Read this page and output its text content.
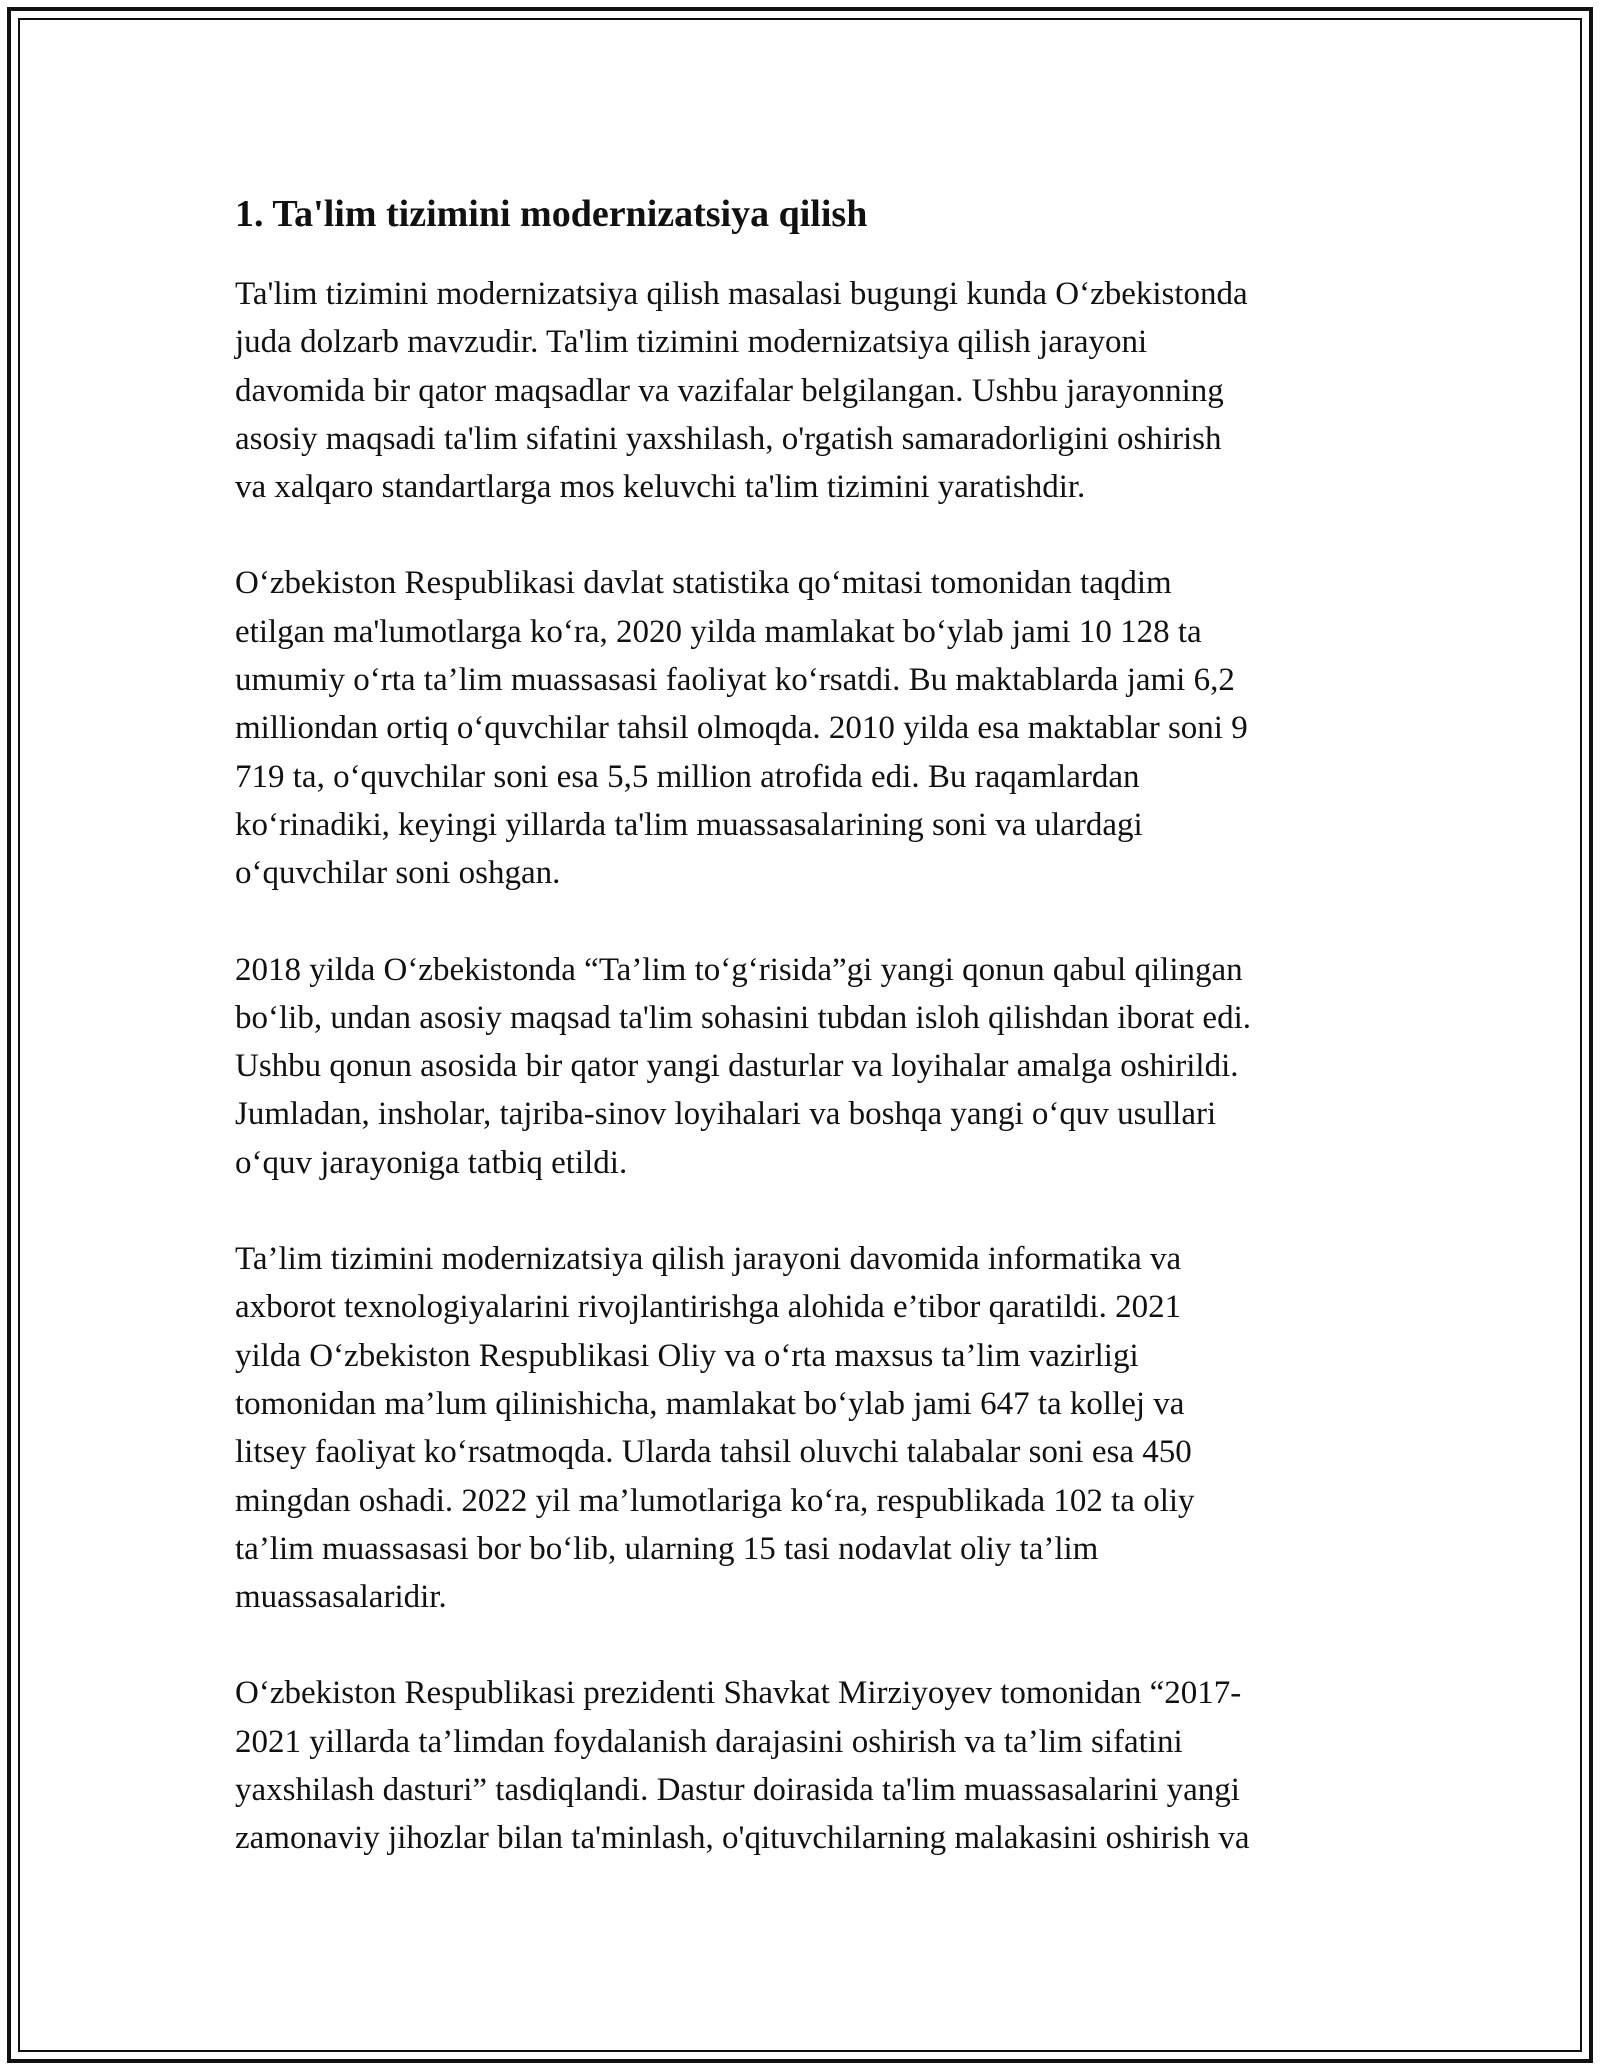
1. Ta'lim tizimini modernizatsiya qilish

Ta'lim tizimini modernizatsiya qilish masalasi bugungi kunda O‘zbekistonda
juda dolzarb mavzudir. Ta'lim tizimini modernizatsiya qilish jarayoni
davomida bir qator maqsadlar va vazifalar belgilangan. Ushbu jarayonning
asosiy maqsadi ta'lim sifatini yaxshilash, o'rgatish samaradorligini oshirish
va xalqaro standartlarga mos keluvchi ta'lim tizimini yaratishdir.

O‘zbekiston Respublikasi davlat statistika qo‘mitasi tomonidan taqdim
etilgan ma'lumotlarga ko‘ra, 2020 yilda mamlakat bo‘ylab jami 10 128 ta
umumiy o‘rta ta’lim muassasasi faoliyat ko‘rsatdi. Bu maktablarda jami 6,2
milliondan ortiq o‘quvchilar tahsil olmoqda. 2010 yilda esa maktablar soni 9
719 ta, o‘quvchilar soni esa 5,5 million atrofida edi. Bu raqamlardan
ko‘rinadiki, keyingi yillarda ta'lim muassasalarining soni va ulardagi
o‘quvchilar soni oshgan.

2018 yilda O‘zbekistonda “Ta’lim to‘g‘risida”gi yangi qonun qabul qilingan
bo‘lib, undan asosiy maqsad ta'lim sohasini tubdan isloh qilishdan iborat edi.
Ushbu qonun asosida bir qator yangi dasturlar va loyihalar amalga oshirildi.
Jumladan, insholar, tajriba-sinov loyihalari va boshqa yangi o‘quv usullari
o‘quv jarayoniga tatbiq etildi.

Ta’lim tizimini modernizatsiya qilish jarayoni davomida informatika va
axborot texnologiyalarini rivojlantirishga alohida e’tibor qaratildi. 2021
yilda O‘zbekiston Respublikasi Oliy va o‘rta maxsus ta’lim vazirligi
tomonidan ma’lum qilinishicha, mamlakat bo‘ylab jami 647 ta kollej va
litsey faoliyat ko‘rsatmoqda. Ularda tahsil oluvchi talabalar soni esa 450
mingdan oshadi. 2022 yil ma’lumotlariga ko‘ra, respublikada 102 ta oliy
ta’lim muassasasi bor bo‘lib, ularning 15 tasi nodavlat oliy ta’lim
muassasalaridir.

O‘zbekiston Respublikasi prezidenti Shavkat Mirziyoyev tomonidan “2017-
2021 yillarda ta’limdan foydalanish darajasini oshirish va ta’lim sifatini
yaxshilash dasturi” tasdiqlandi. Dastur doirasida ta'lim muassasalarini yangi
zamonaviy jihozlar bilan ta'minlash, o'qituvchilarning malakasini oshirish va
